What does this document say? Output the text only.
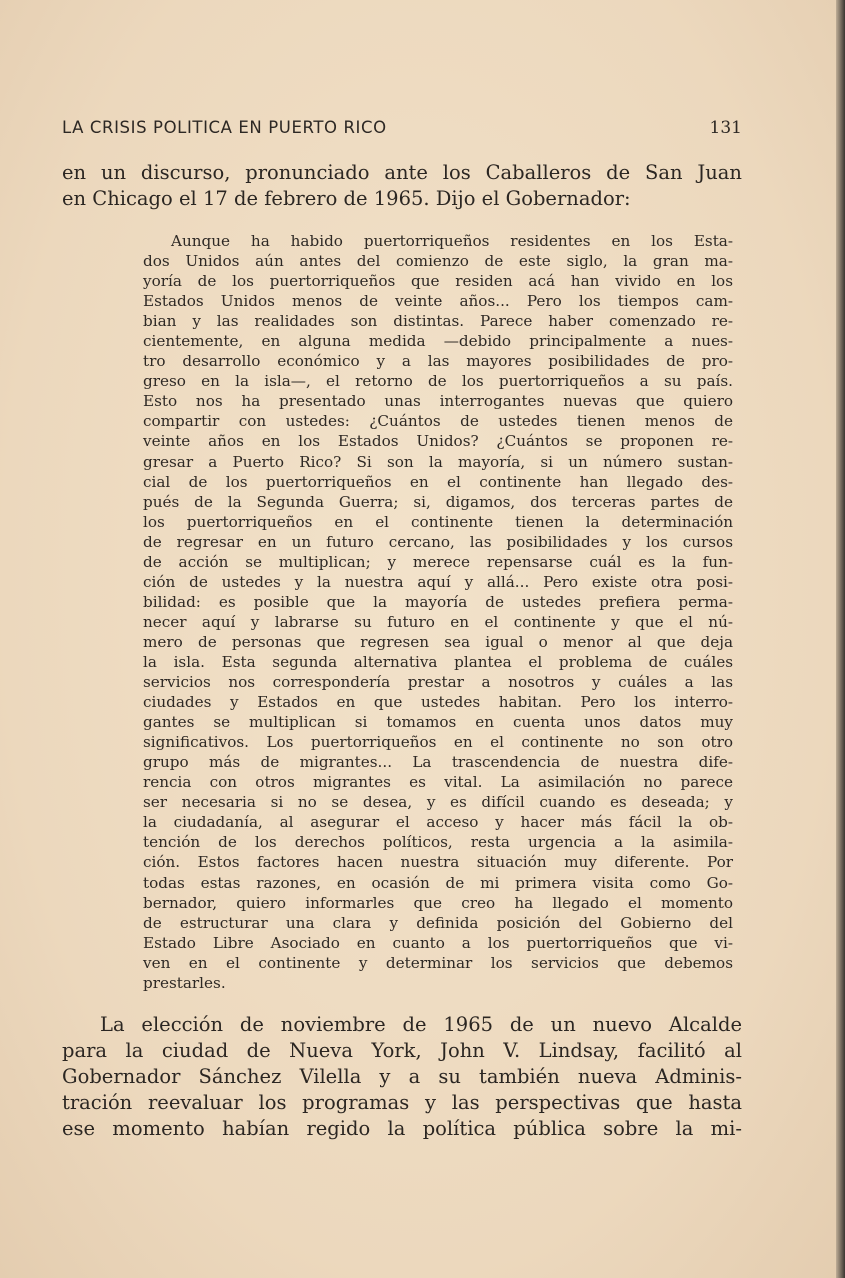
LA CRISIS POLITICA EN PUERTO RICO	131
en un discurso, pronunciado ante los Caballeros de San Juan
en Chicago el 17 de febrero de 1965. Dijo el Gobernador:
Aunque ha habido puertorriqueños residentes en los Esta-
dos Unidos aún antes del comienzo de este siglo, la gran ma-
yoría de los puertorriqueños que residen acá han vivido en los
Estados Unidos menos de veinte años... Pero los tiempos cam-
bian y las realidades son distintas. Parece haber comenzado re-
cientemente, en alguna medida —debido principalmente a nues-
tro desarrollo económico y a las mayores posibilidades de pro-
greso en la isla—, el retorno de los puertorriqueños a su país.
Esto nos ha presentado unas interrogantes nuevas que quiero
compartir con ustedes: ¿Cuántos de ustedes tienen menos de
veinte años en los Estados Unidos? ¿Cuántos se proponen re-
gresar a Puerto Rico? Si son la mayoría, si un número sustan-
cial de los puertorriqueños en el continente han llegado des-
pués de la Segunda Guerra; si, digamos, dos terceras partes de
los puertorriqueños en el continente tienen la determinación
de regresar en un futuro cercano, las posibilidades y los cursos
de acción se multiplican; y merece repensarse cuál es la fun-
ción de ustedes y la nuestra aquí y allá... Pero existe otra posi-
bilidad: es posible que la mayoría de ustedes prefiera perma-
necer aquí y labrarse su futuro en el continente y que el nú-
mero de personas que regresen sea igual o menor al que deja
la isla. Esta segunda alternativa plantea el problema de cuáles
servicios nos correspondería prestar a nosotros y cuáles a las
ciudades y Estados en que ustedes habitan. Pero los interro-
gantes se multiplican si tomamos en cuenta unos datos muy
significativos. Los puertorriqueños en el continente no son otro
grupo más de migrantes... La trascendencia de nuestra dife-
rencia con otros migrantes es vital. La asimilación no parece
ser necesaria si no se desea, y es difícil cuando es deseada; y
la ciudadanía, al asegurar el acceso y hacer más fácil la ob-
tención de los derechos políticos, resta urgencia a la asimila-
ción. Estos factores hacen nuestra situación muy diferente. Por
todas estas razones, en ocasión de mi primera visita como Go-
bernador, quiero informarles que creo ha llegado el momento
de estructurar una clara y definida posición del Gobierno del
Estado Libre Asociado en cuanto a los puertorriqueños que vi-
ven en el continente y determinar los servicios que debemos
prestarles.
La elección de noviembre de 1965 de un nuevo Alcalde
para la ciudad de Nueva York, John V. Lindsay, facilitó al
Gobernador Sánchez Vilella y a su también nueva Adminis-
tración reevaluar los programas y las perspectivas que hasta
ese momento habían regido la política pública sobre la mi-
